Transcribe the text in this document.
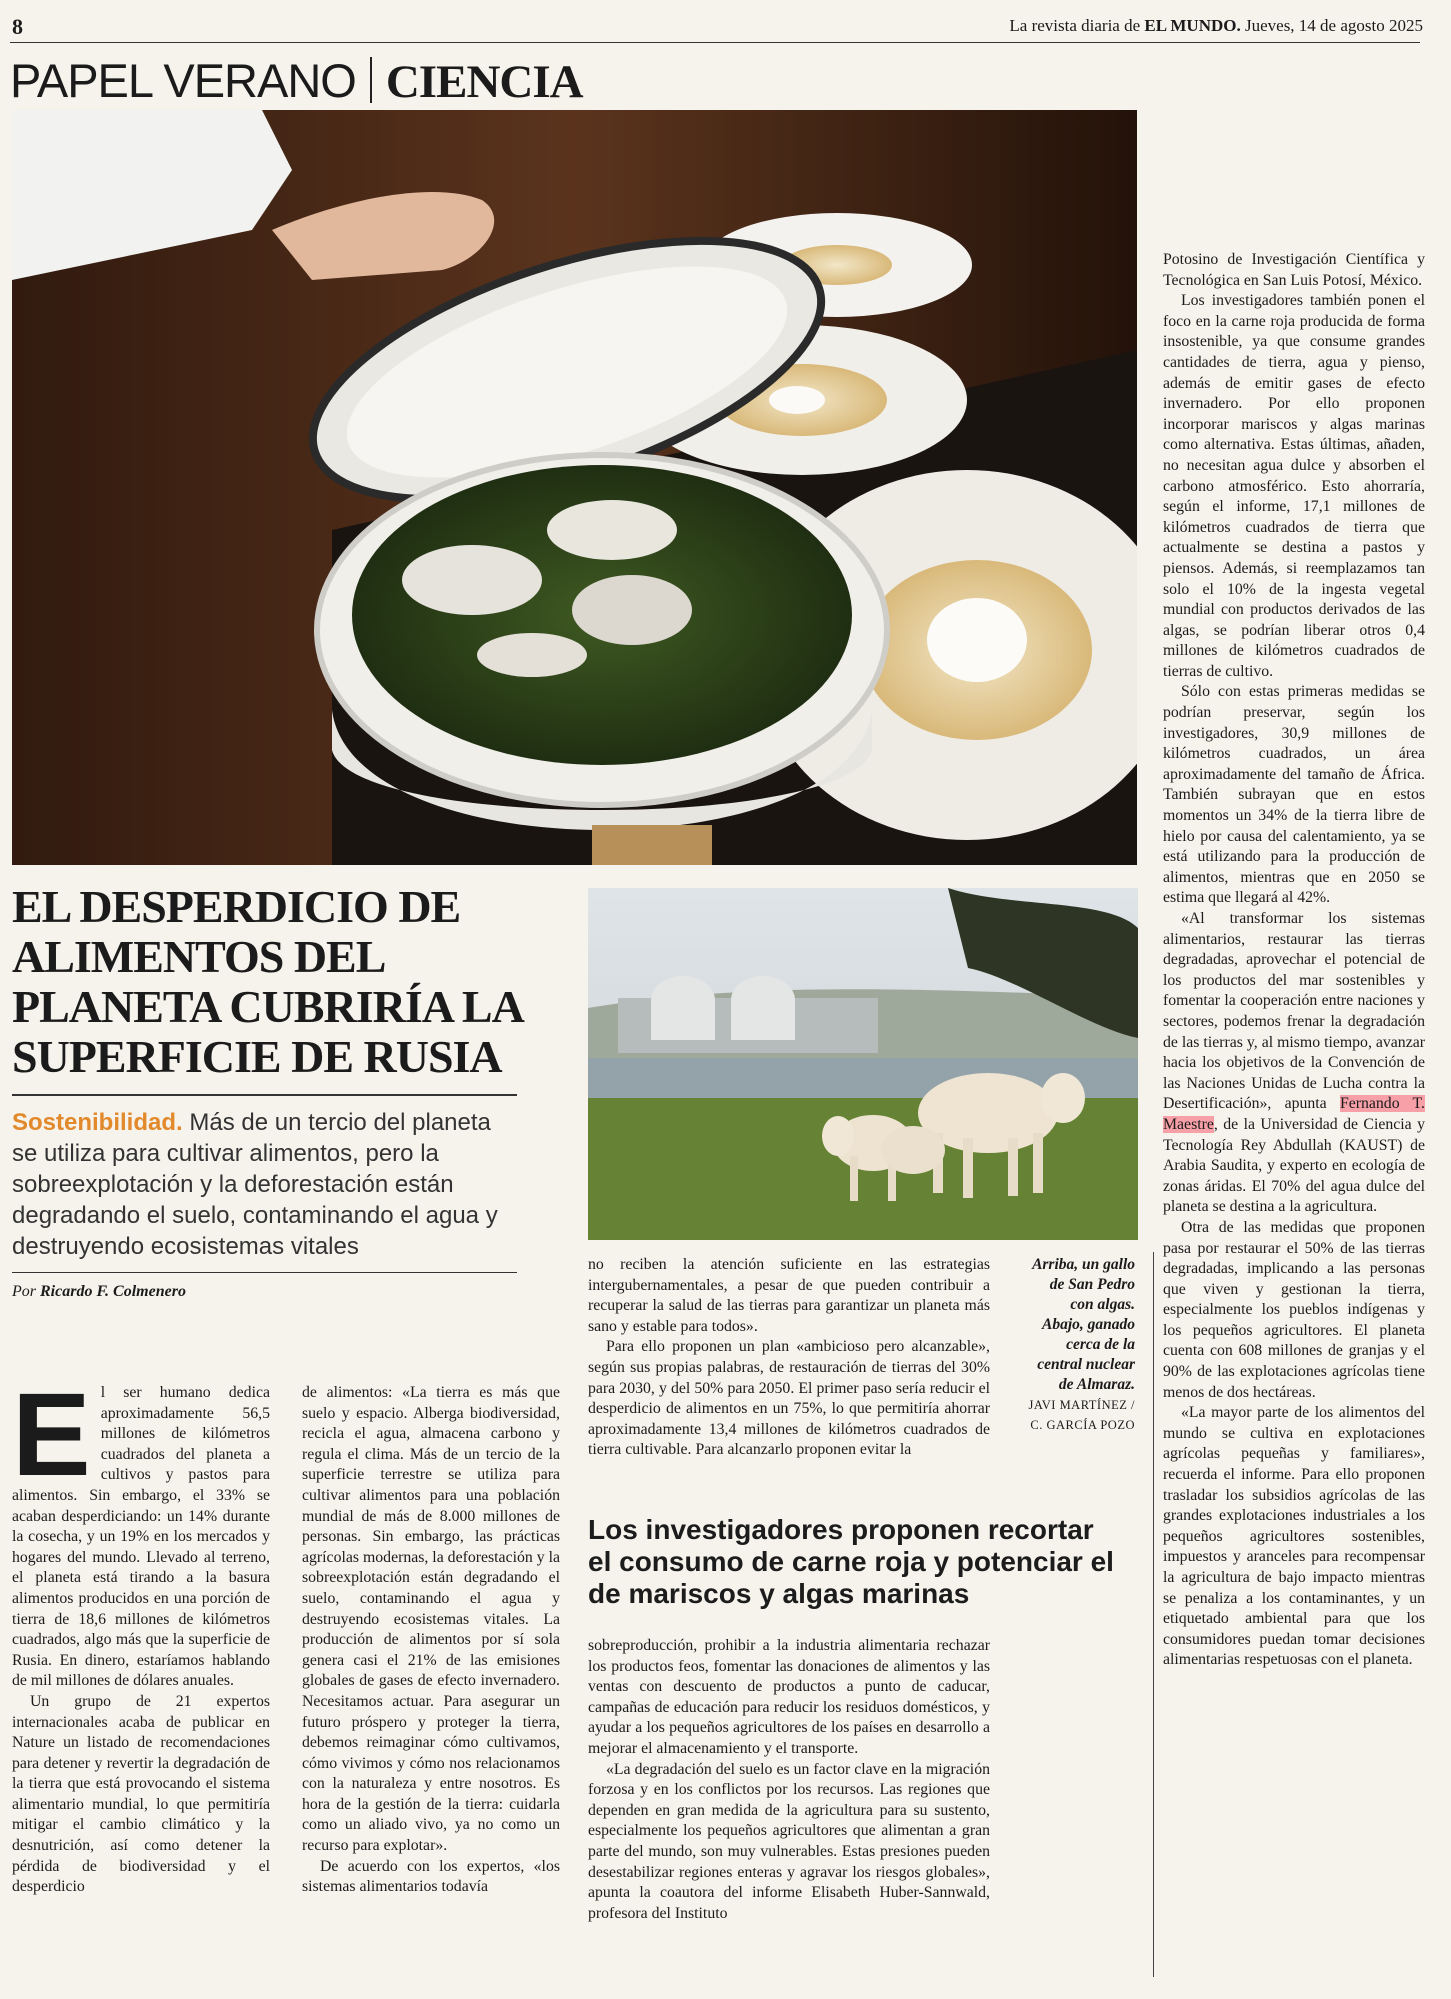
8	La revista diaria de EL MUNDO. Jueves, 14 de agosto 2025
PAPEL VERANO CIENCIA
EL DESPERDICIO DE ALIMENTOS DEL PLANETA CUBRIRÍA LA SUPERFICIE DE RUSIA
Sostenibilidad. Más de un tercio del planeta se utiliza para cultivar alimentos, pero la sobreexplotación y la deforestación están degradando el suelo, contaminando el agua y destruyendo ecosistemas vitales
Por Ricardo F. Colmenero

El ser humano dedica aproximadamente 56,5 millones de kilómetros cuadrados del planeta a cultivos y pastos para alimentos. Sin embargo, el 33% se acaban desperdiciando: un 14% durante la cosecha, y un 19% en los mercados y hogares del mundo. Llevado al terreno, el planeta está tirando a la basura alimentos producidos en una porción de tierra de 18,6 millones de kilómetros cuadrados, algo más que la superficie de Rusia. En dinero, estaríamos hablando de mil millones de dólares anuales.

Un grupo de 21 expertos internacionales acaba de publicar en Nature un listado de recomendaciones para detener y revertir la degradación de la tierra que está provocando el sistema alimentario mundial, lo que permitiría mitigar el cambio climático y la desnutrición, así como detener la pérdida de biodiversidad y el desperdicio

de alimentos: «La tierra es más que suelo y espacio. Alberga biodiversidad, recicla el agua, almacena carbono y regula el clima. Más de un tercio de la superficie terrestre se utiliza para cultivar alimentos para una población mundial de más de 8.000 millones de personas. Sin embargo, las prácticas agrícolas modernas, la deforestación y la sobreexplotación están degradando el suelo, contaminando el agua y destruyendo ecosistemas vitales. La producción de alimentos por sí sola genera casi el 21% de las emisiones globales de gases de efecto invernadero. Necesitamos actuar. Para asegurar un futuro próspero y proteger la tierra, debemos reimaginar cómo cultivamos, cómo vivimos y cómo nos relacionamos con la naturaleza y entre nosotros. Es hora de la gestión de la tierra: cuidarla como un aliado vivo, ya no como un recurso para explotar».

De acuerdo con los expertos, «los sistemas alimentarios todavía

Arriba, un gallo de San Pedro con algas. Abajo, ganado cerca de la central nuclear de Almaraz.
JAVI MARTÍNEZ / C. GARCÍA POZO

no reciben la atención suficiente en las estrategias intergubernamentales, a pesar de que pueden contribuir a recuperar la salud de las tierras para garantizar un planeta más sano y estable para todos».

Para ello proponen un plan «ambicioso pero alcanzable», según sus propias palabras, de restauración de tierras del 30% para 2030, y del 50% para 2050. El primer paso sería reducir el desperdicio de alimentos en un 75%, lo que permitiría ahorrar aproximadamente 13,4 millones de kilómetros cuadrados de tierra cultivable. Para alcanzarlo proponen evitar la

Los investigadores proponen recortar el consumo de carne roja y potenciar el de mariscos y algas marinas

sobreproducción, prohibir a la industria alimentaria rechazar los productos feos, fomentar las donaciones de alimentos y las ventas con descuento de productos a punto de caducar, campañas de educación para reducir los residuos domésticos, y ayudar a los pequeños agricultores de los países en desarrollo a mejorar el almacenamiento y el transporte.

«La degradación del suelo es un factor clave en la migración forzosa y en los conflictos por los recursos. Las regiones que dependen en gran medida de la agricultura para su sustento, especialmente los pequeños agricultores que alimentan a gran parte del mundo, son muy vulnerables. Estas presiones pueden desestabilizar regiones enteras y agravar los riesgos globales», apunta la coautora del informe Elisabeth Huber-Sannwald, profesora del Instituto

Potosino de Investigación Científica y Tecnológica en San Luis Potosí, México.

Los investigadores también ponen el foco en la carne roja producida de forma insostenible, ya que consume grandes cantidades de tierra, agua y pienso, además de emitir gases de efecto invernadero. Por ello proponen incorporar mariscos y algas marinas como alternativa. Estas últimas, añaden, no necesitan agua dulce y absorben el carbono atmosférico. Esto ahorraría, según el informe, 17,1 millones de kilómetros cuadrados de tierra que actualmente se destina a pastos y piensos. Además, si reemplazamos tan solo el 10% de la ingesta vegetal mundial con productos derivados de las algas, se podrían liberar otros 0,4 millones de kilómetros cuadrados de tierras de cultivo.

Sólo con estas primeras medidas se podrían preservar, según los investigadores, 30,9 millones de kilómetros cuadrados, un área aproximadamente del tamaño de África. También subrayan que en estos momentos un 34% de la tierra libre de hielo por causa del calentamiento, ya se está utilizando para la producción de alimentos, mientras que en 2050 se estima que llegará al 42%.

«Al transformar los sistemas alimentarios, restaurar las tierras degradadas, aprovechar el potencial de los productos del mar sostenibles y fomentar la cooperación entre naciones y sectores, podemos frenar la degradación de las tierras y, al mismo tiempo, avanzar hacia los objetivos de la Convención de las Naciones Unidas de Lucha contra la Desertificación», apunta Fernando T. Maestre, de la Universidad de Ciencia y Tecnología Rey Abdullah (KAUST) de Arabia Saudita, y experto en ecología de zonas áridas. El 70% del agua dulce del planeta se destina a la agricultura.

Otra de las medidas que proponen pasa por restaurar el 50% de las tierras degradadas, implicando a las personas que viven y gestionan la tierra, especialmente los pueblos indígenas y los pequeños agricultores. El planeta cuenta con 608 millones de granjas y el 90% de las explotaciones agrícolas tiene menos de dos hectáreas.

«La mayor parte de los alimentos del mundo se cultiva en explotaciones agrícolas pequeñas y familiares», recuerda el informe. Para ello proponen trasladar los subsidios agrícolas de las grandes explotaciones industriales a los pequeños agricultores sostenibles, impuestos y aranceles para recompensar la agricultura de bajo impacto mientras se penaliza a los contaminantes, y un etiquetado ambiental para que los consumidores puedan tomar decisiones alimentarias respetuosas con el planeta.
